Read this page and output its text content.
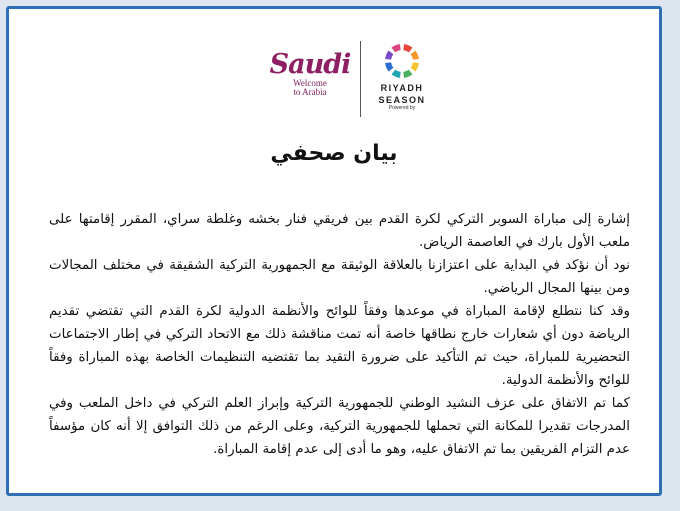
Saudi
Welcome
to Arabia	RIYADH
SEASON
Powered by
بيان صحفي

إشارة إلى مباراة السوبر التركي لكرة القدم بين فريقي فنار بخشه وغلطة سراي، المقرر إقامتها على ملعب الأول بارك في العاصمة الرياض.

نود أن نؤكد في البداية على اعتزازنا بالعلاقة الوثيقة مع الجمهورية التركية الشقيقة في مختلف المجالات ومن بينها المجال الرياضي.

وقد كنا نتطلع لإقامة المباراة في موعدها وفقاً للوائح والأنظمة الدولية لكرة القدم التي تقتضي تقديم الرياضة دون أي شعارات خارج نطاقها خاصة أنه تمت مناقشة ذلك مع الاتحاد التركي في إطار الاجتماعات التحضيرية للمباراة، حيث تم التأكيد على ضرورة التقيد بما تقتضيه التنظيمات الخاصة بهذه المباراة وفقاً للوائح والأنظمة الدولية.

كما تم الاتفاق على عزف النشيد الوطني للجمهورية التركية وإبراز العلم التركي في داخل الملعب وفي المدرجات تقديرا للمكانة التي تحملها للجمهورية التركية، وعلى الرغم من ذلك التوافق إلا أنه كان مؤسفاً عدم التزام الفريقين بما تم الاتفاق عليه، وهو ما أدى إلى عدم إقامة المباراة.
